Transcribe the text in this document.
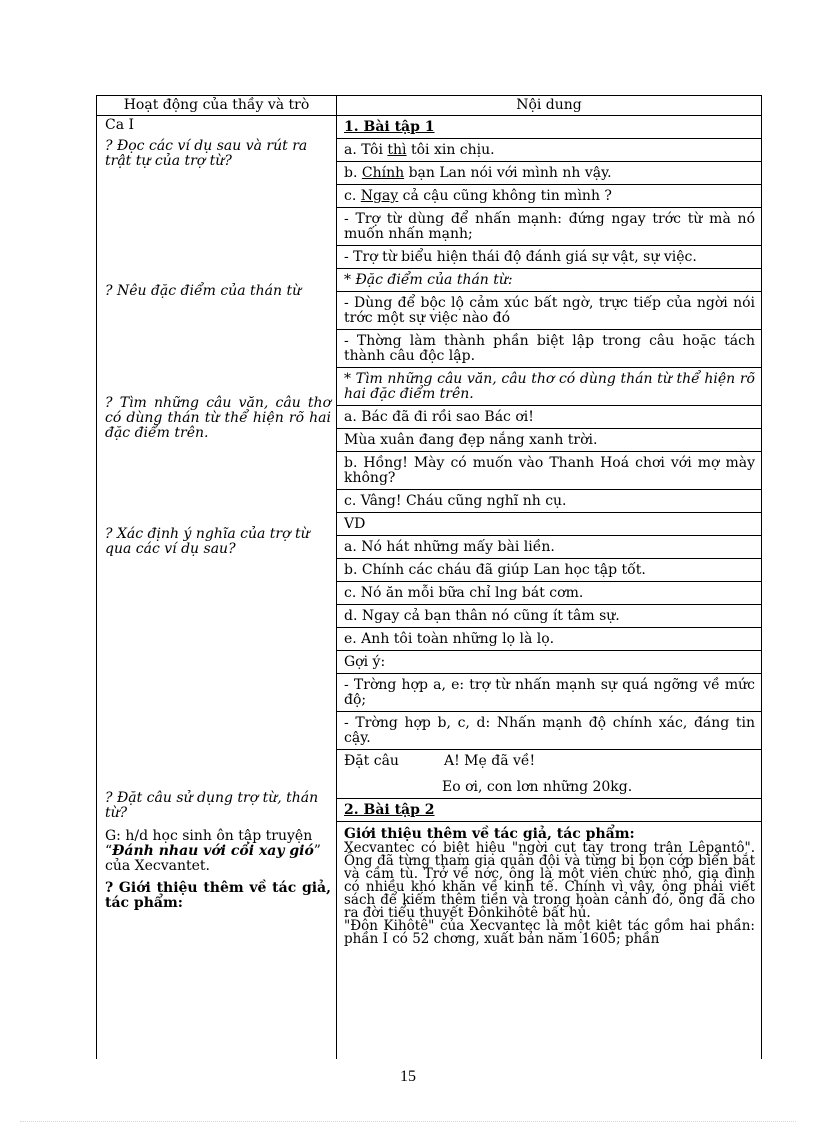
Hoạt động của thầy và trò	Nội dung
Ca I
? Đọc các ví dụ sau và rút ra trật tự của trợ từ?
? Nêu đặc điểm của thán từ
? Tìm những câu văn, câu thơ có dùng thán từ thể hiện rõ hai đặc điểm trên.
? Xác định ý nghĩa của trợ từ qua các ví dụ sau?
? Đặt câu sử dụng trợ từ, thán từ?
G: h/d học sinh ôn tập truyện “Đánh nhau với cối xay gió” của Xecvantet.
? Giới thiệu thêm về tác giả, tác phẩm:
1. Bài tập 1
a. Tôi thì tôi xin chịu.
b. Chính bạn Lan nói với mình nh vậy.
c. Ngay cả cậu cũng không tin mình ?
- Trợ từ dùng để nhấn mạnh: đứng ngay trớc từ mà nó muốn nhấn mạnh;
- Trợ từ biểu hiện thái độ đánh giá sự vật, sự việc.
* Đặc điểm của thán từ:
- Dùng để bộc lộ cảm xúc bất ngờ, trực tiếp của ngời nói trớc một sự việc nào đó
- Thờng làm thành phần biệt lập trong câu hoặc tách thành câu độc lập.
* Tìm những câu văn, câu thơ có dùng thán từ thể hiện rõ hai đặc điểm trên.
a. Bác đã đi rồi sao Bác ơi!
Mùa xuân đang đẹp nắng xanh trời.
b. Hồng! Mày có muốn vào Thanh Hoá chơi với mợ mày không?
c. Vâng! Cháu cũng nghĩ nh cụ.
VD
a. Nó hát những mấy bài liền.
b. Chính các cháu đã giúp Lan học tập tốt.
c. Nó ăn mỗi bữa chỉ lng bát cơm.
d. Ngay cả bạn thân nó cũng ít tâm sự.
e. Anh tôi toàn những lọ là lọ.
Gợi ý:
- Trờng hợp a, e: trợ từ nhấn mạnh sự quá ngỡng về mức độ;
- Trờng hợp b, c, d: Nhấn mạnh độ chính xác, đáng tin cậy.
Đặt câu	A! Mẹ đã về!
Eo ơi, con lơn những 20kg.
2. Bài tập 2
Giới thiệu thêm về tác giả, tác phẩm:
Xecvantec có biệt hiệu "ngời cụt tay trong trận Lêpantô". Ông đã từng tham gia quân đội và từng bị bọn cớp biển bắt và cầm tù. Trở về nớc, ông là một viên chức nhỏ, gia đình có nhiều khó khăn về kinh tế. Chính vì vậy, ông phải viết sách để kiếm thêm tiền và trong hoàn cảnh đó, ông đã cho ra đời tiểu thuyết Đônkihôtê bất hủ.
"Đôn Kihôtê" của Xecvantec là một kiệt tác gồm hai phần: phần I có 52 chơng, xuất bản năm 1605; phần
15
